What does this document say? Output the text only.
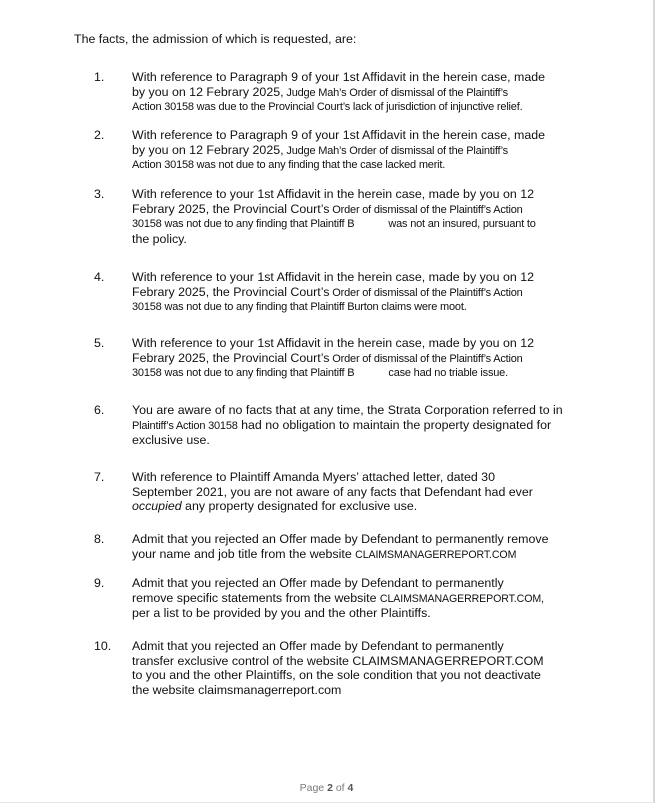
The facts, the admission of which is requested, are:
1. With reference to Paragraph 9 of your 1st Affidavit in the herein case, made
by you on 12 Febrary 2025, Judge Mah’s Order of dismissal of the Plaintiff’s
Action 30158 was due to the Provincial Court’s lack of jurisdiction of injunctive relief.
2. With reference to Paragraph 9 of your 1st Affidavit in the herein case, made
by you on 12 Febrary 2025, Judge Mah’s Order of dismissal of the Plaintiff’s
Action 30158 was not due to any finding that the case lacked merit.
3. With reference to your 1st Affidavit in the herein case, made by you on 12
Febrary 2025, the Provincial Court’s Order of dismissal of the Plaintiff’s Action
30158 was not due to any finding that Plaintiff B	was not an insured, pursuant to
the policy.
4. With reference to your 1st Affidavit in the herein case, made by you on 12
Febrary 2025, the Provincial Court’s Order of dismissal of the Plaintiff’s Action
30158 was not due to any finding that Plaintiff Burton claims were moot.
5. With reference to your 1st Affidavit in the herein case, made by you on 12
Febrary 2025, the Provincial Court’s Order of dismissal of the Plaintiff’s Action
30158 was not due to any finding that Plaintiff B	case had no triable issue.
6. You are aware of no facts that at any time, the Strata Corporation referred to in
Plaintiff’s Action 30158 had no obligation to maintain the property designated for
exclusive use.
7. With reference to Plaintiff Amanda Myers’ attached letter, dated 30
September 2021, you are not aware of any facts that Defendant had ever
occupied any property designated for exclusive use.
8. Admit that you rejected an Offer made by Defendant to permanently remove
your name and job title from the website CLAIMSMANAGERREPORT.COM
9. Admit that you rejected an Offer made by Defendant to permanently
remove specific statements from the website CLAIMSMANAGERREPORT.COM,
per a list to be provided by you and the other Plaintiffs.
10. Admit that you rejected an Offer made by Defendant to permanently
transfer exclusive control of the website CLAIMSMANAGERREPORT.COM
to you and the other Plaintiffs, on the sole condition that you not deactivate
the website claimsmanagerreport.com
Page 2 of 4
